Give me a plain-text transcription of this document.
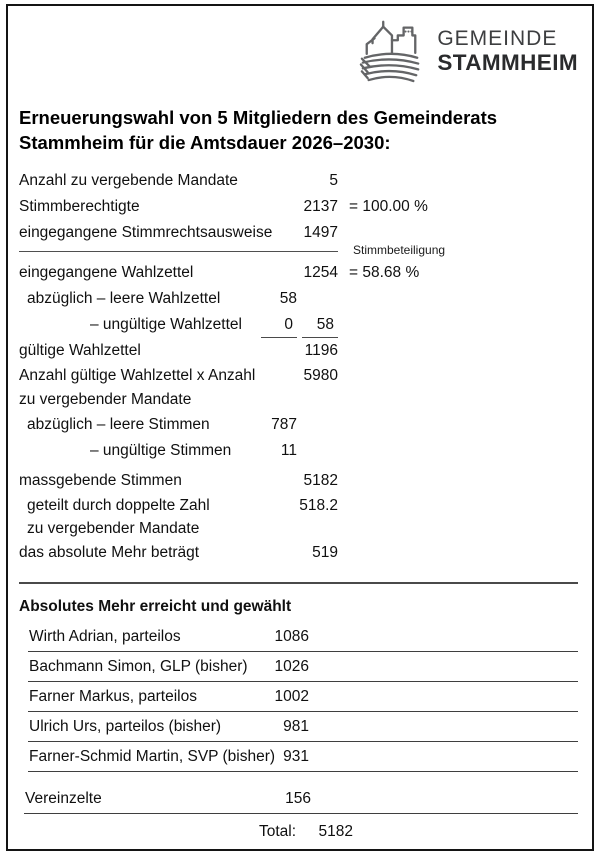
GEMEINDE
STAMMHEIM
Erneuerungswahl von 5 Mitgliedern des Gemeinderats
Stammheim für die Amtsdauer 2026–2030:
Anzahl zu vergebende Mandate	5
Stimmberechtigte	2137 = 100.00 %
eingegangene Stimmrechtsausweise	1497
Stimmbeteiligung
eingegangene Wahlzettel	1254 = 58.68 %
abzüglich – leere Wahlzettel	58
– ungültige Wahlzettel	0	58
gültige Wahlzettel	1196
Anzahl gültige Wahlzettel x Anzahl
zu vergebender Mandate
5980
abzüglich – leere Stimmen	787
– ungültige Stimmen	11
massgebende Stimmen	5182
geteilt durch doppelte Zahl
zu vergebender Mandate
518.2
das absolute Mehr beträgt	519
Absolutes Mehr erreicht und gewählt
Wirth Adrian, parteilos	1086
Bachmann Simon, GLP (bisher)	1026
Farner Markus, parteilos	1002
Ulrich Urs, parteilos (bisher)	981
Farner-Schmid Martin, SVP (bisher) 931
Vereinzelte	156
Total:	5182
